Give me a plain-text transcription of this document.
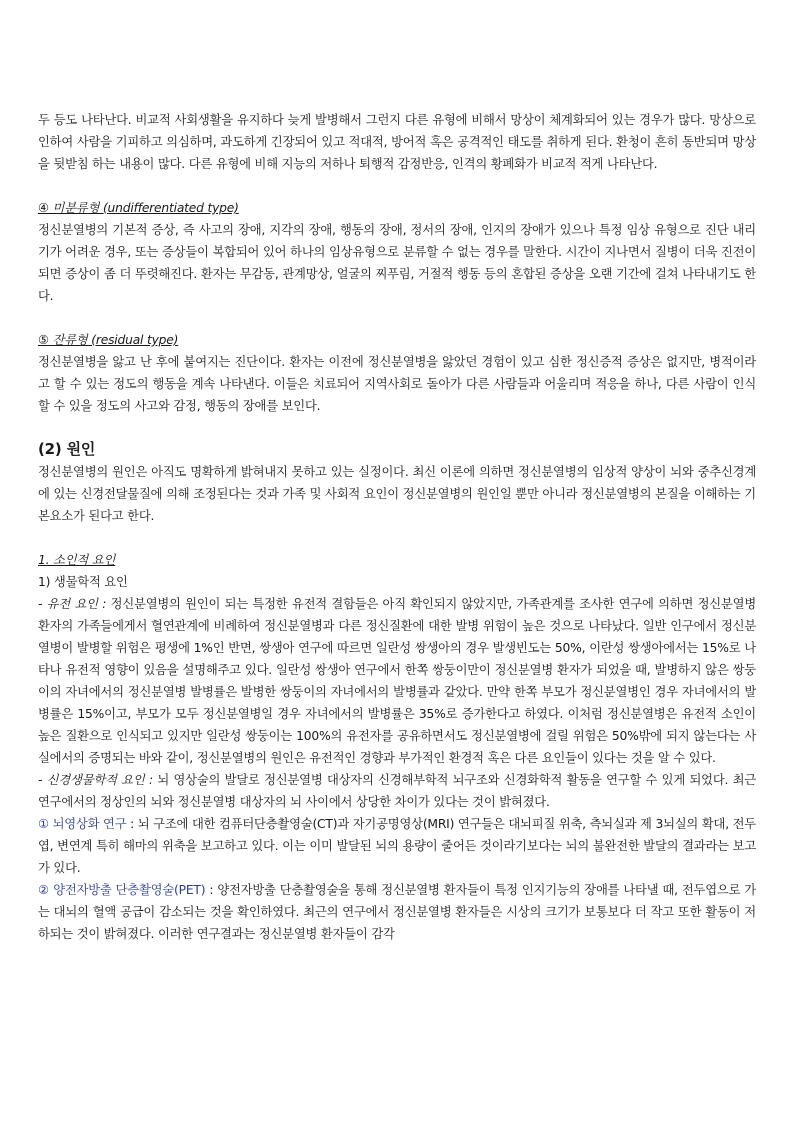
두 등도 나타난다. 비교적 사회생활을 유지하다 늦게 발병해서 그런지 다른 유형에 비해서 망상이 체계화되어 있는 경우가 많다. 망상으로 인하여 사람을 기피하고 의심하며, 과도하게 긴장되어 있고 적대적, 방어적 혹은 공격적인 태도를 취하게 된다. 환청이 흔히 동반되며 망상을 뒷받침 하는 내용이 많다. 다른 유형에 비해 지능의 저하나 퇴행적 감정반응, 인격의 황폐화가 비교적 적게 나타난다.

④ 미분류형 (undifferentiated type)

정신분열병의 기본적 증상, 즉 사고의 장애, 지각의 장애, 행동의 장애, 정서의 장애, 인지의 장애가 있으나 특정 임상 유형으로 진단 내리기가 어려운 경우, 또는 증상들이 복합되어 있어 하나의 임상유형으로 분류할 수 없는 경우를 말한다. 시간이 지나면서 질병이 더욱 진전이 되면 증상이 좀 더 뚜렷해진다. 환자는 무감동, 관계망상, 얼굴의 찌푸림, 거절적 행동 등의 혼합된 증상을 오랜 기간에 걸쳐 나타내기도 한다.

⑤ 잔류형 (residual type)

정신분열병을 앓고 난 후에 붙여지는 진단이다. 환자는 이전에 정신분열병을 앓았던 경험이 있고 심한 정신증적 증상은 없지만, 병적이라고 할 수 있는 정도의 행동을 계속 나타낸다. 이들은 치료되어 지역사회로 돌아가 다른 사람들과 어울리며 적응을 하나, 다른 사람이 인식할 수 있을 정도의 사고와 감정, 행동의 장애를 보인다.

(2) 원인

정신분열병의 원인은 아직도 명확하게 밝혀내지 못하고 있는 실정이다. 최신 이론에 의하면 정신분열병의 임상적 양상이 뇌와 중추신경계에 있는 신경전달물질에 의해 조정된다는 것과 가족 및 사회적 요인이 정신분열병의 원인일 뿐만 아니라 정신분열병의 본질을 이해하는 기본요소가 된다고 한다.

1. 소인적 요인

1) 생물학적 요인

- 유전 요인 : 정신분열병의 원인이 되는 특정한 유전적 결함들은 아직 확인되지 않았지만, 가족관계를 조사한 연구에 의하면 정신분열병 환자의 가족들에게서 혈연관계에 비례하여 정신분열병과 다른 정신질환에 대한 발병 위험이 높은 것으로 나타났다. 일반 인구에서 정신분열병이 발병할 위험은 평생에 1%인 반면, 쌍생아 연구에 따르면 일란성 쌍생아의 경우 발생빈도는 50%, 이란성 쌍생아에서는 15%로 나타나 유전적 영향이 있음을 설명해주고 있다. 일란성 쌍생아 연구에서 한쪽 쌍둥이만이 정신분열병 환자가 되었을 때, 발병하지 않은 쌍둥이의 자녀에서의 정신분열병 발병률은 발병한 쌍둥이의 자녀에서의 발병률과 같았다. 만약 한쪽 부모가 정신분열병인 경우 자녀에서의 발병률은 15%이고, 부모가 모두 정신분열병일 경우 자녀에서의 발병률은 35%로 증가한다고 하였다. 이처럼 정신분열병은 유전적 소인이 높은 질환으로 인식되고 있지만 일란성 쌍둥이는 100%의 유전자를 공유하면서도 정신분열병에 걸릴 위험은 50%밖에 되지 않는다는 사실에서의 증명되는 바와 같이, 정신분열병의 원인은 유전적인 경향과 부가적인 환경적 혹은 다른 요인들이 있다는 것을 알 수 있다.

- 신경생물학적 요인 : 뇌 영상술의 발달로 정신분열병 대상자의 신경해부학적 뇌구조와 신경화학적 활동을 연구할 수 있게 되었다. 최근 연구에서의 정상인의 뇌와 정신분열병 대상자의 뇌 사이에서 상당한 차이가 있다는 것이 밝혀졌다.

① 뇌영상화 연구 : 뇌 구조에 대한 컴퓨터단층촬영술(CT)과 자기공명영상(MRI) 연구들은 대뇌피질 위축, 측뇌실과 제 3뇌실의 확대, 전두엽, 변연계 특히 해마의 위축을 보고하고 있다. 이는 이미 발달된 뇌의 용량이 줄어든 것이라기보다는 뇌의 불완전한 발달의 결과라는 보고가 있다.

② 양전자방출 단층촬영술(PET) : 양전자방출 단층촬영술을 통해 정신분열병 환자들이 특정 인지기능의 장애를 나타낼 때, 전두엽으로 가는 대뇌의 혈액 공급이 감소되는 것을 확인하였다. 최근의 연구에서 정신분열병 환자들은 시상의 크기가 보통보다 더 작고 또한 활동이 저하되는 것이 밝혀졌다. 이러한 연구결과는 정신분열병 환자들이 감각
